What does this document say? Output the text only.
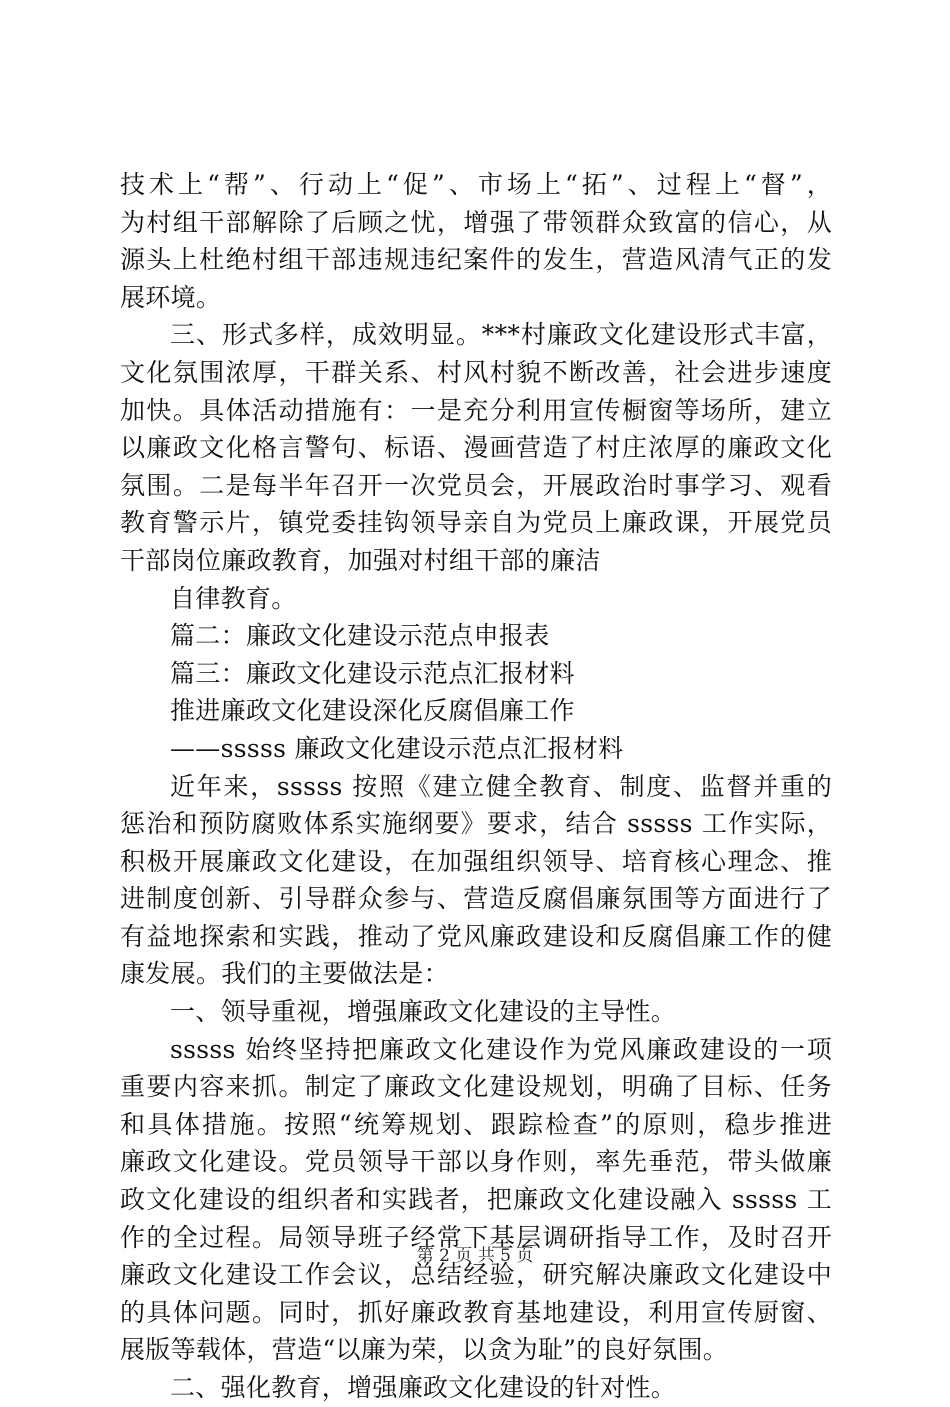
技术上“帮”、行动上“促”、市场上“拓”、过程上“督”，
为村组干部解除了后顾之忧，增强了带领群众致富的信心，从
源头上杜绝村组干部违规违纪案件的发生，营造风清气正的发
展环境。
三、形式多样，成效明显。***村廉政文化建设形式丰富，
文化氛围浓厚，干群关系、村风村貌不断改善，社会进步速度
加快。具体活动措施有：一是充分利用宣传橱窗等场所，建立
以廉政文化格言警句、标语、漫画营造了村庄浓厚的廉政文化
氛围。二是每半年召开一次党员会，开展政治时事学习、观看
教育警示片，镇党委挂钩领导亲自为党员上廉政课，开展党员
干部岗位廉政教育，加强对村组干部的廉洁
自律教育。
篇二：廉政文化建设示范点申报表
篇三：廉政文化建设示范点汇报材料
推进廉政文化建设深化反腐倡廉工作
——sssss 廉政文化建设示范点汇报材料
近年来，sssss 按照《建立健全教育、制度、监督并重的
惩治和预防腐败体系实施纲要》要求，结合 sssss 工作实际，
积极开展廉政文化建设，在加强组织领导、培育核心理念、推
进制度创新、引导群众参与、营造反腐倡廉氛围等方面进行了
有益地探索和实践，推动了党风廉政建设和反腐倡廉工作的健
康发展。我们的主要做法是：
一、领导重视，增强廉政文化建设的主导性。
sssss 始终坚持把廉政文化建设作为党风廉政建设的一项
重要内容来抓。制定了廉政文化建设规划，明确了目标、任务
和具体措施。按照“统筹规划、跟踪检查”的原则，稳步推进
廉政文化建设。党员领导干部以身作则，率先垂范，带头做廉
政文化建设的组织者和实践者，把廉政文化建设融入 sssss 工
作的全过程。局领导班子经常下基层调研指导工作，及时召开
廉政文化建设工作会议，总结经验，研究解决廉政文化建设中
的具体问题。同时，抓好廉政教育基地建设，利用宣传厨窗、
展版等载体，营造“以廉为荣，以贪为耻”的良好氛围。
二、强化教育，增强廉政文化建设的针对性。
第 2 页 共 5 页
